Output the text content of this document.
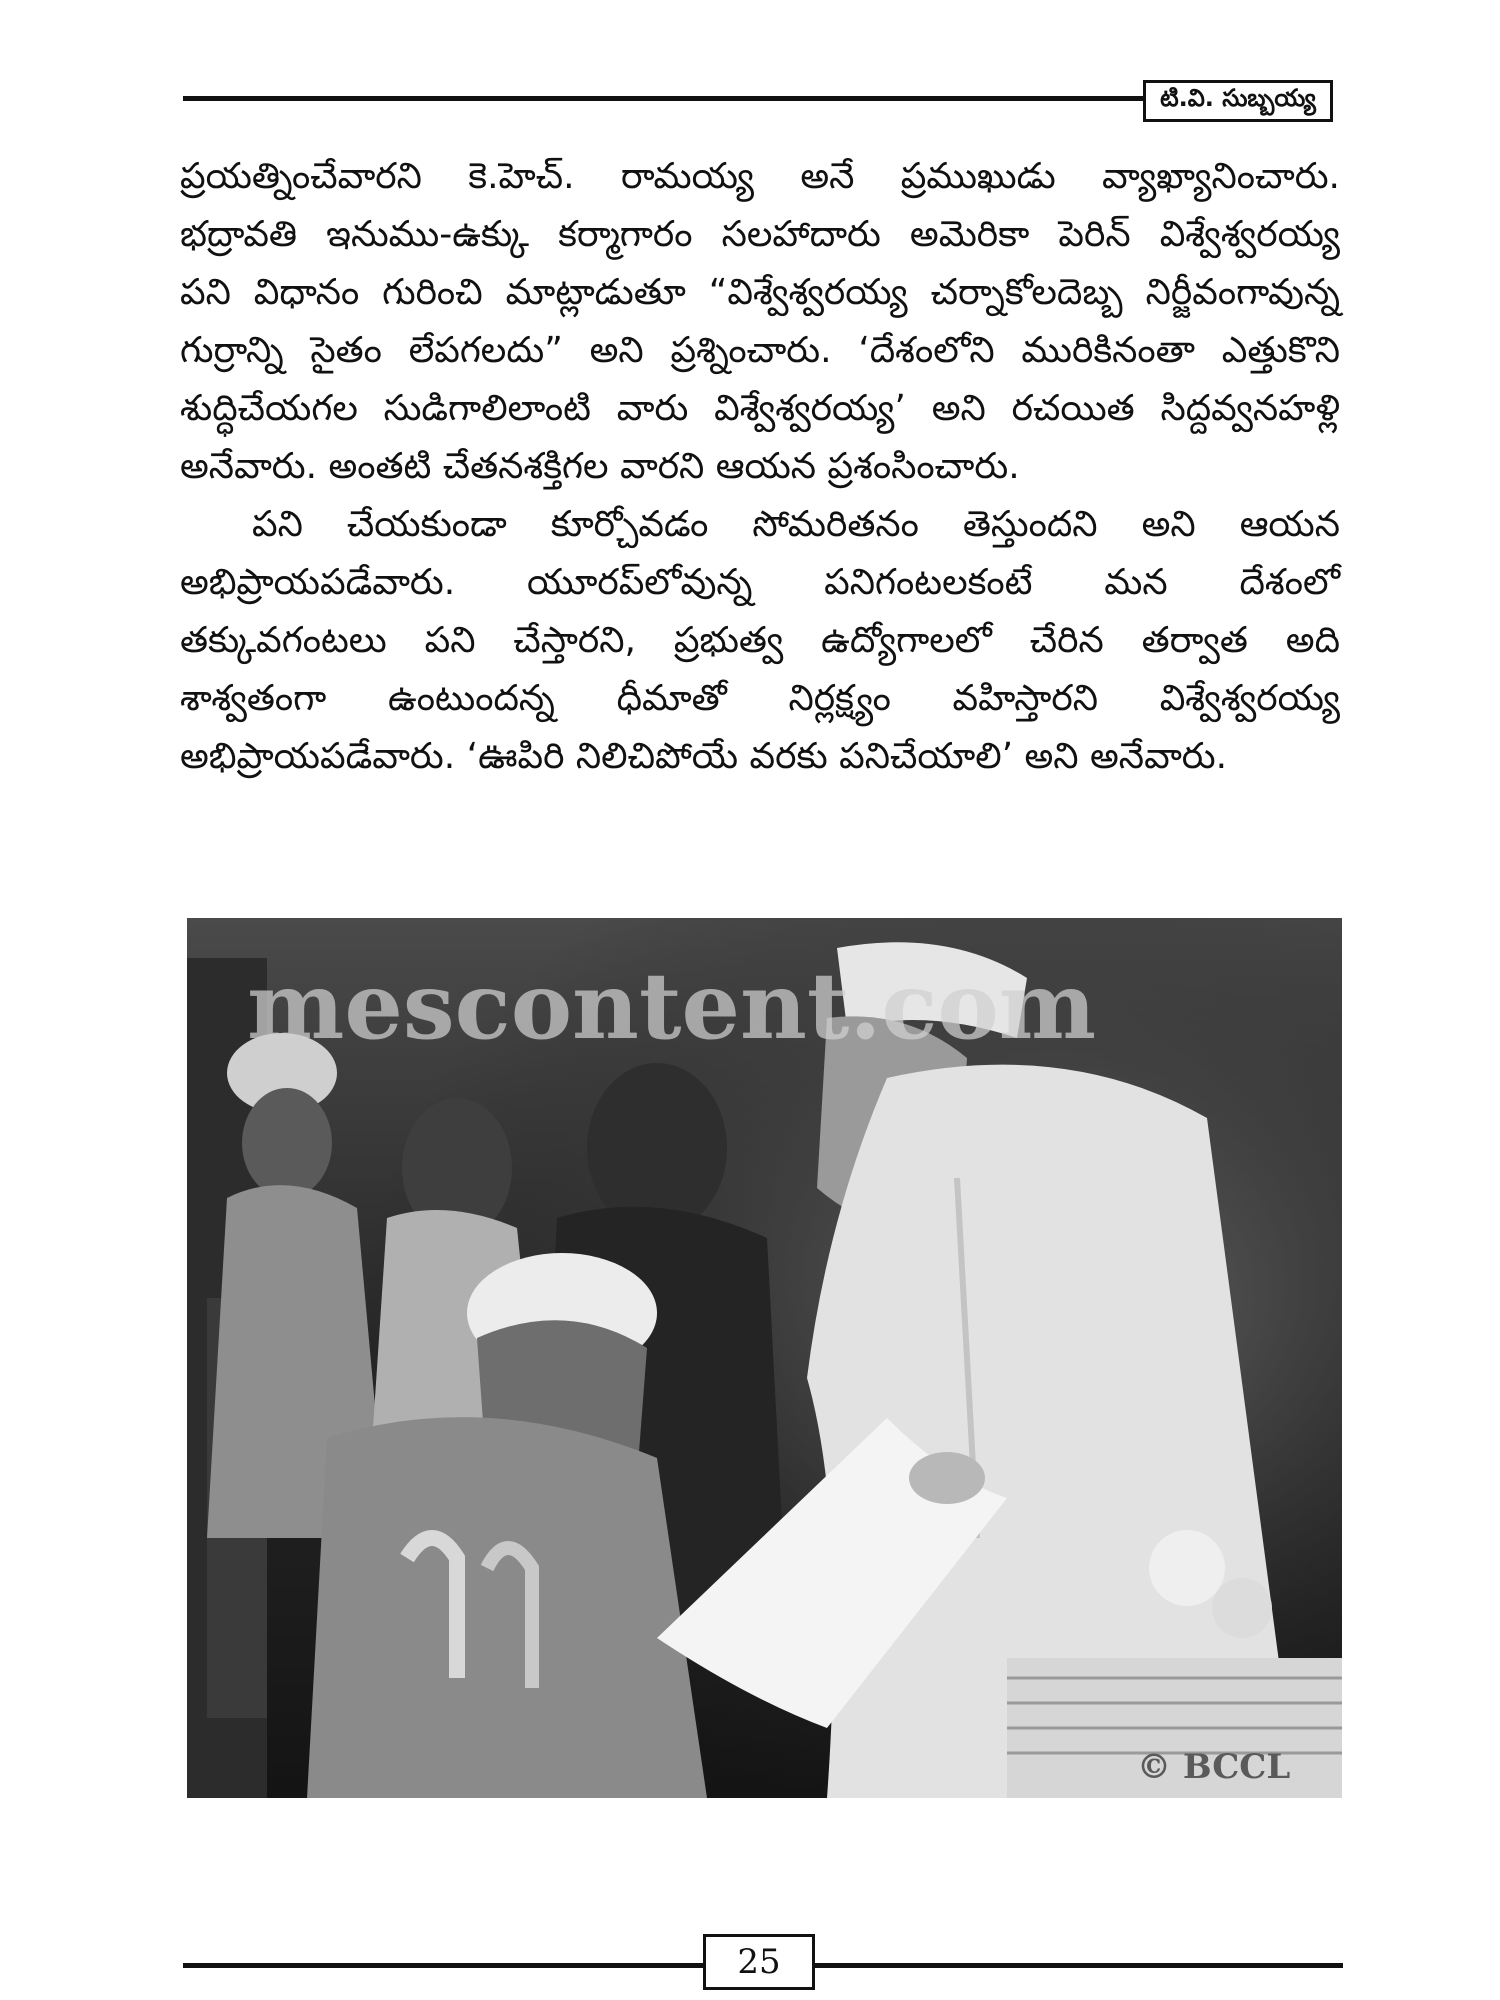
టి.వి. సుబ్బయ్య
ప్రయత్నించేవారని కె.హెచ్. రామయ్య అనే ప్రముఖుడు వ్యాఖ్యానించారు.
భద్రావతి ఇనుము-ఉక్కు కర్మాగారం సలహాదారు అమెరికా పెరిన్ విశ్వేశ్వరయ్య
పని విధానం గురించి మాట్లాడుతూ “విశ్వేశ్వరయ్య చర్నాకోలదెబ్బ నిర్జీవంగావున్న
గుర్రాన్ని సైతం లేపగలదు” అని ప్రశ్నించారు. ‘దేశంలోని మురికినంతా ఎత్తుకొని
శుద్ధిచేయగల సుడిగాలిలాంటి వారు విశ్వేశ్వరయ్య’ అని రచయిత సిద్దవ్వనహళ్లి
అనేవారు. అంతటి చేతనశక్తిగల వారని ఆయన ప్రశంసించారు.
పని చేయకుండా కూర్చోవడం సోమరితనం తెస్తుందని అని ఆయన
అభిప్రాయపడేవారు. యూరప్‌లోవున్న పనిగంటలకంటే మన దేశంలో
తక్కువగంటలు పని చేస్తారని, ప్రభుత్వ ఉద్యోగాలలో చేరిన తర్వాత అది
శాశ్వతంగా ఉంటుందన్న ధీమాతో నిర్లక్ష్యం వహిస్తారని విశ్వేశ్వరయ్య
అభిప్రాయపడేవారు. ‘ఊపిరి నిలిచిపోయే వరకు పనిచేయాలి’ అని అనేవారు.
mescontent.com
© BCCL
25
